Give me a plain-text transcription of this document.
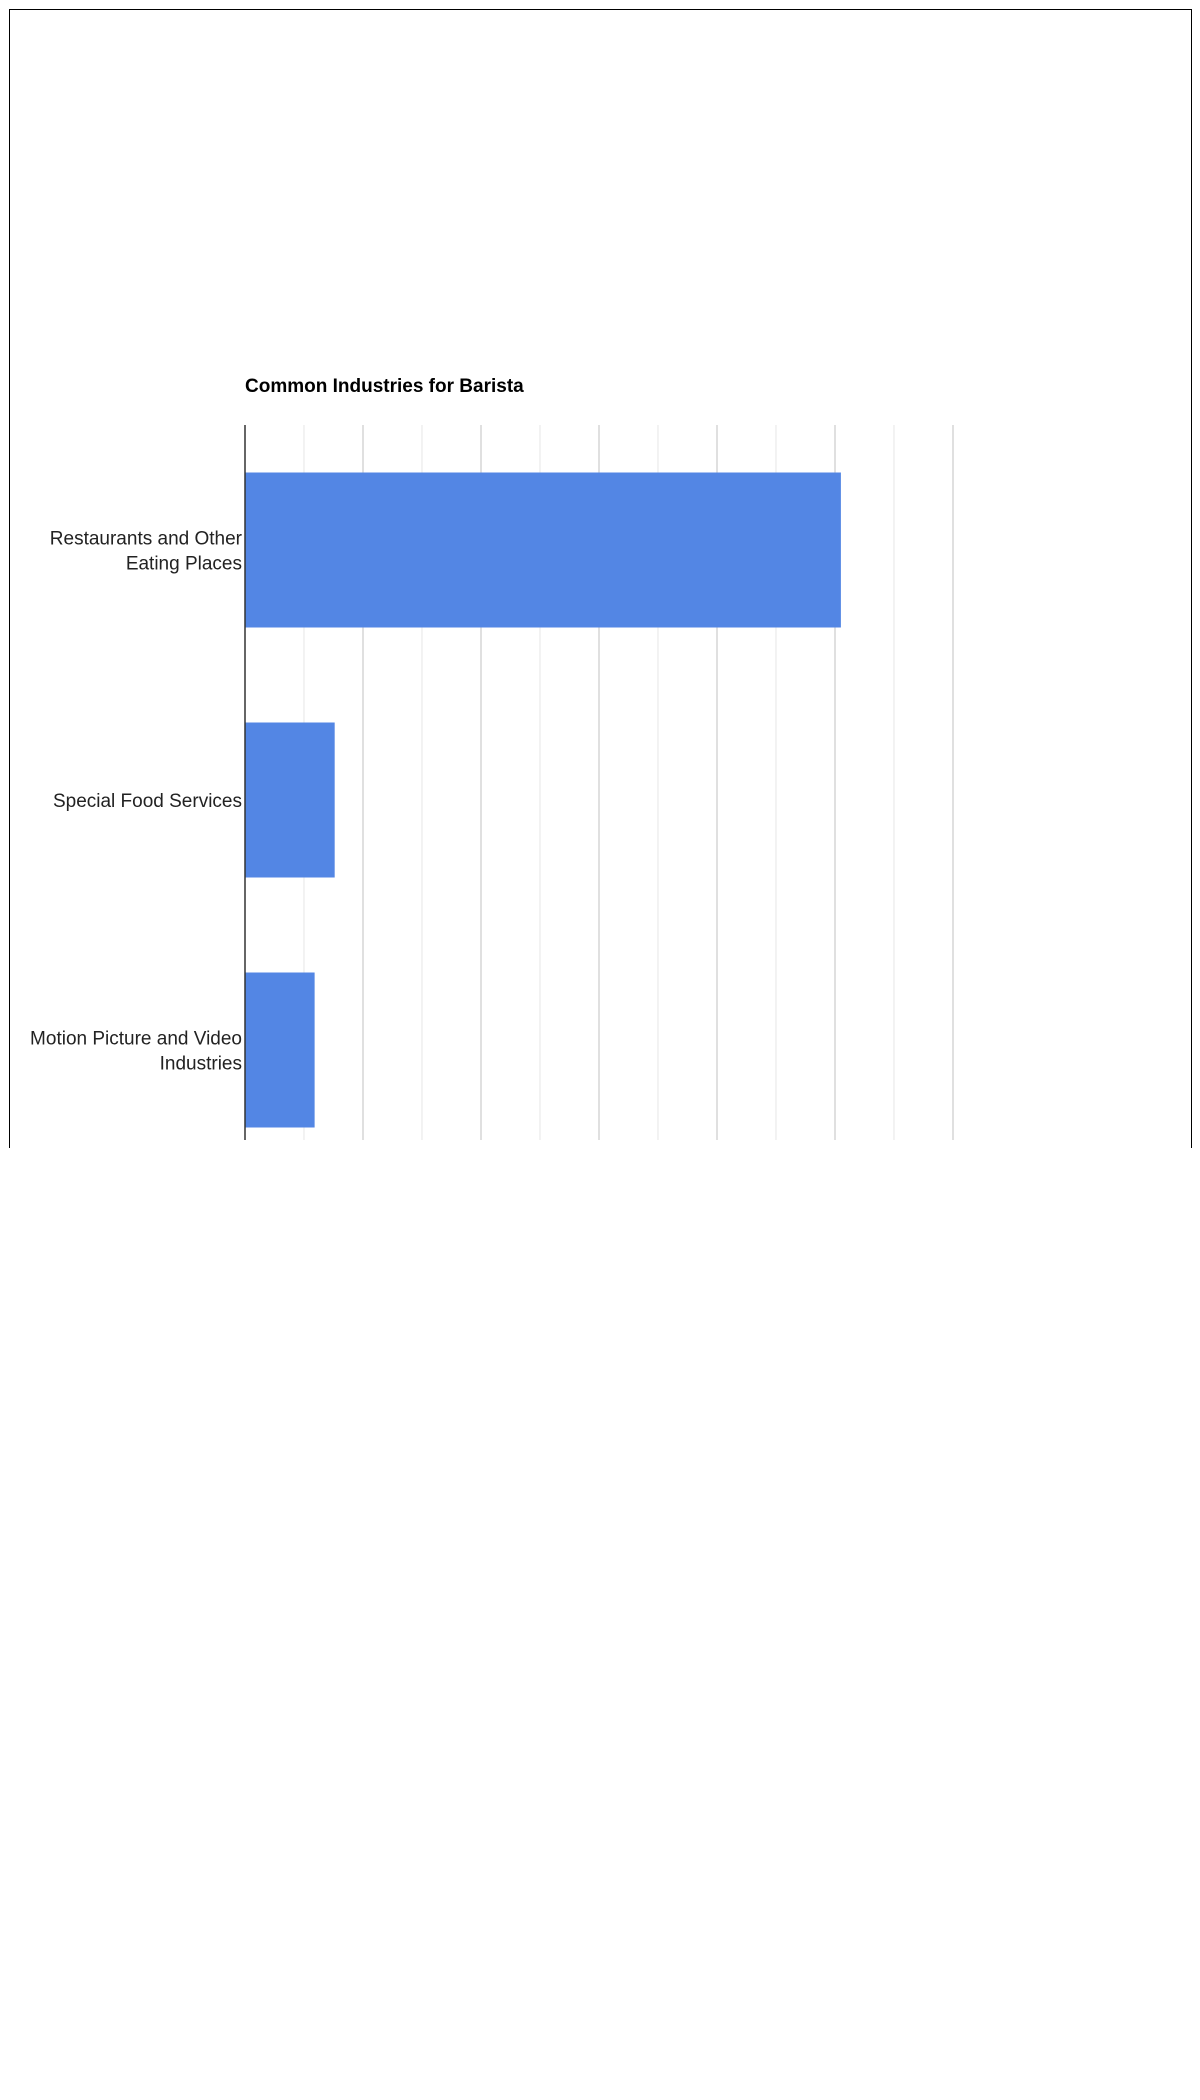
Restaurants and Other Eating Places
Special Food Services
Motion Picture and Video Industries
Common Industries for Barista
